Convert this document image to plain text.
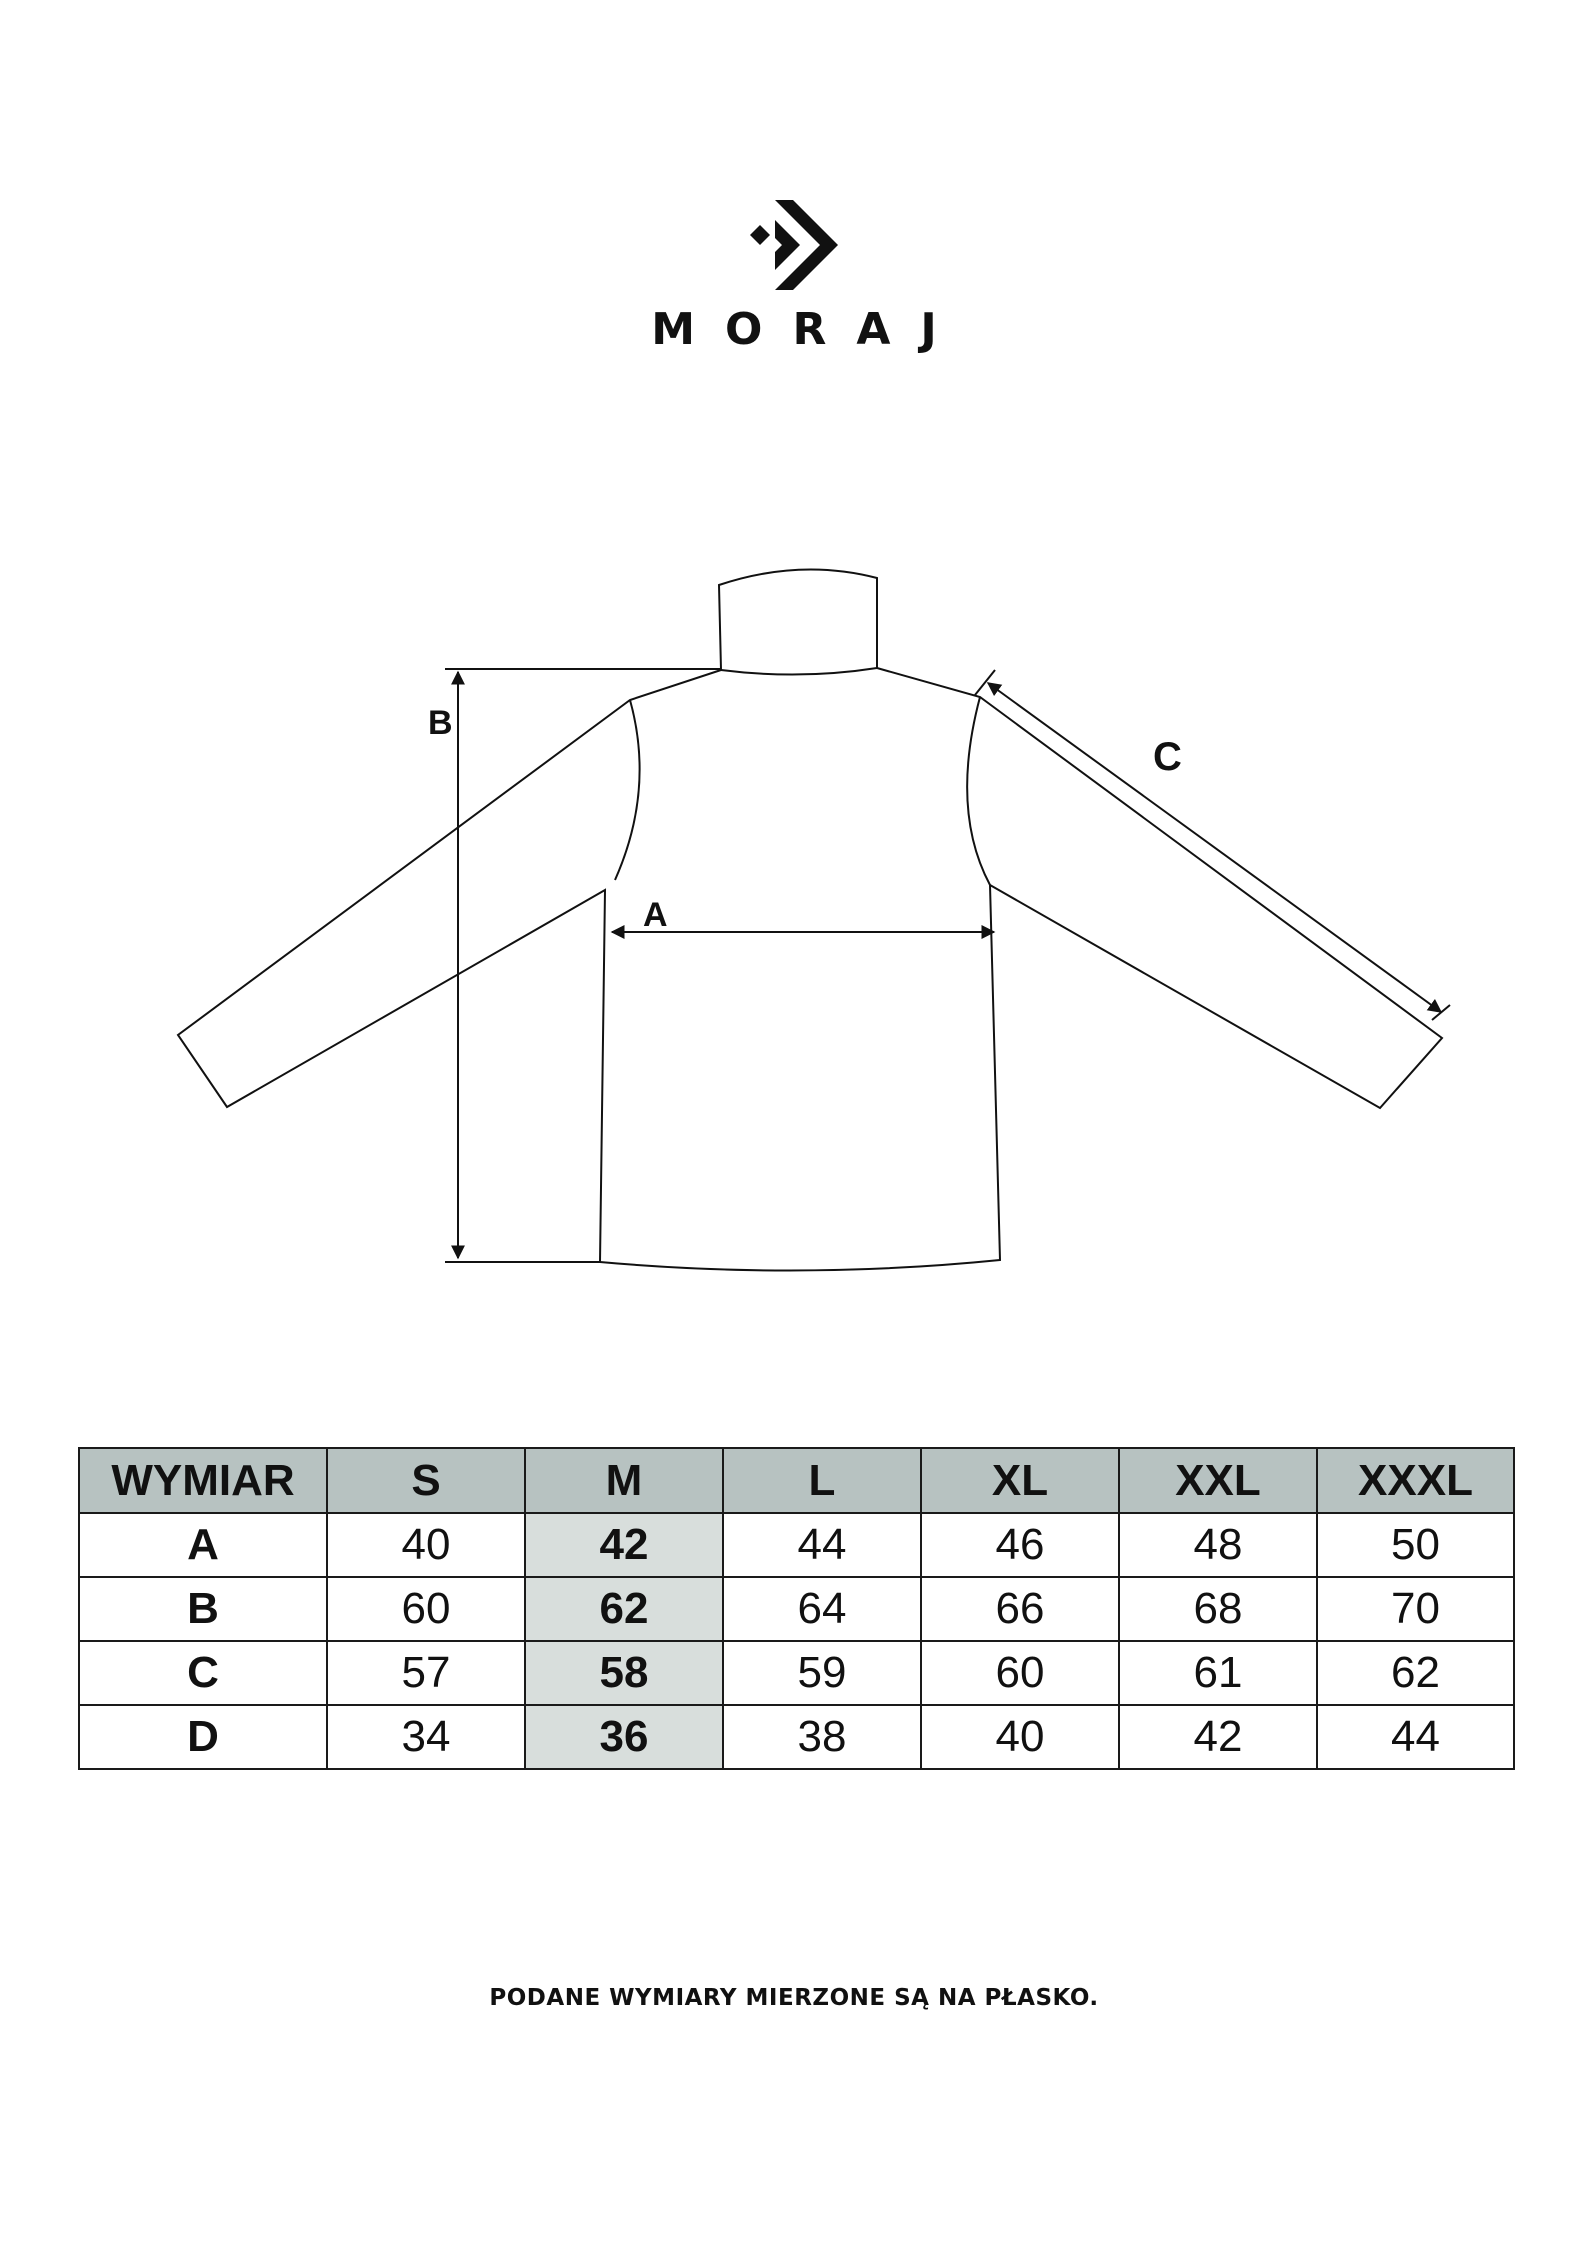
MORAJ
B
A
C
WYMIAR	S	M	L	XL	XXL	XXXL
A	40	42	44	46	48	50
B	60	62	64	66	68	70
C	57	58	59	60	61	62
D	34	36	38	40	42	44
PODANE WYMIARY MIERZONE SĄ NA PŁASKO.
